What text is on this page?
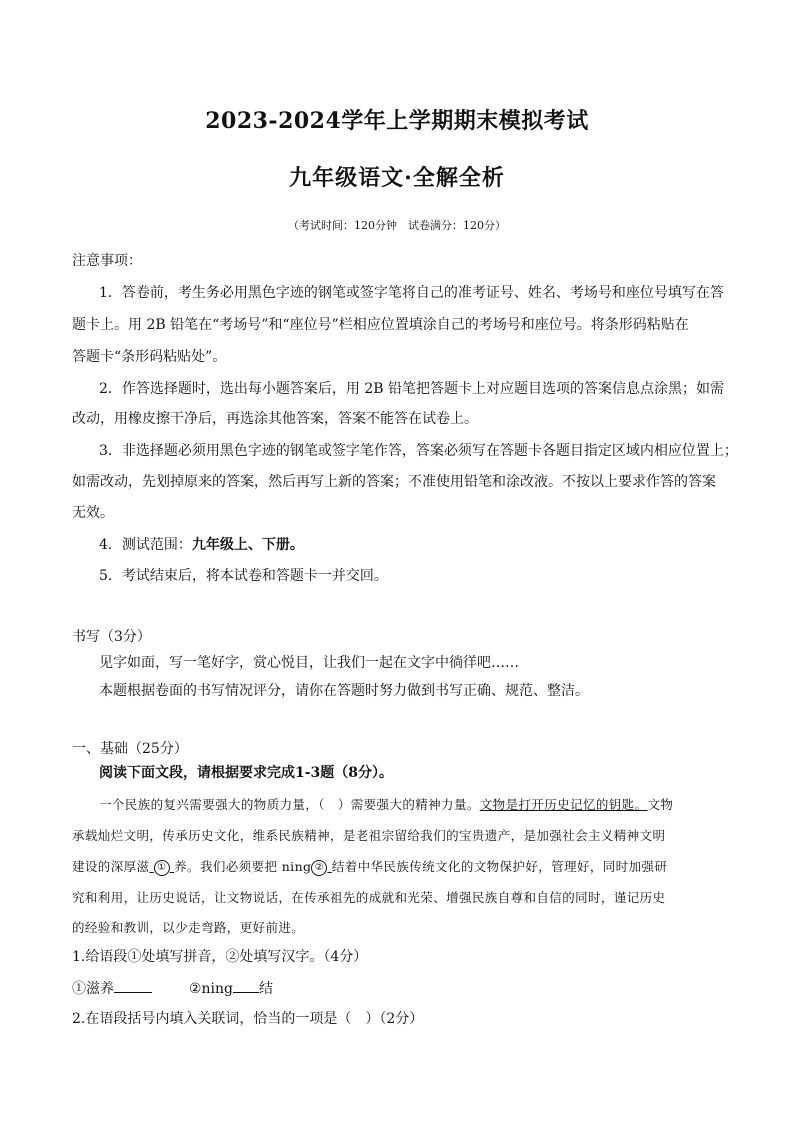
2023-2024学年上学期期末模拟考试
九年级语文·全解全析
（考试时间：120分钟　试卷满分：120分）
注意事项：
1．答卷前，考生务必用黑色字迹的钢笔或签字笔将自己的准考证号、姓名、考场号和座位号填写在答
题卡上。用 2B 铅笔在“考场号”和“座位号”栏相应位置填涂自己的考场号和座位号。将条形码粘贴在
答题卡“条形码粘贴处”。
2．作答选择题时，选出每小题答案后，用 2B 铅笔把答题卡上对应题目选项的答案信息点涂黑；如需
改动，用橡皮擦干净后，再选涂其他答案，答案不能答在试卷上。
3．非选择题必须用黑色字迹的钢笔或签字笔作答，答案必须写在答题卡各题目指定区域内相应位置上；
如需改动，先划掉原来的答案，然后再写上新的答案；不准使用铅笔和涂改液。不按以上要求作答的答案
无效。
4．测试范围：九年级上、下册。
5．考试结束后，将本试卷和答题卡一并交回。
书写（3分）
见字如面，写一笔好字，赏心悦目，让我们一起在文字中徜徉吧……
本题根据卷面的书写情况评分，请你在答题时努力做到书写正确、规范、整洁。
一、基础（25分）
阅读下面文段，请根据要求完成1-3题（8分）。
一个民族的复兴需要强大的物质力量，（　）需要强大的精神力量。文物是打开历史记忆的钥匙。文物
承载灿烂文明，传承历史文化，维系民族精神，是老祖宗留给我们的宝贵遗产，是加强社会主义精神文明
建设的深厚滋 ① 养。我们必须要把 ning ② 结着中华民族传统文化的文物保护好，管理好，同时加强研
究和利用，让历史说话，让文物说话，在传承祖先的成就和光荣、增强民族自尊和自信的同时，谨记历史
的经验和教训，以少走弯路，更好前进。
1.给语段①处填写拼音，②处填写汉字。（4分）
①滋养	②ning 结
2.在语段括号内填入关联词，恰当的一项是（　）（2分）
